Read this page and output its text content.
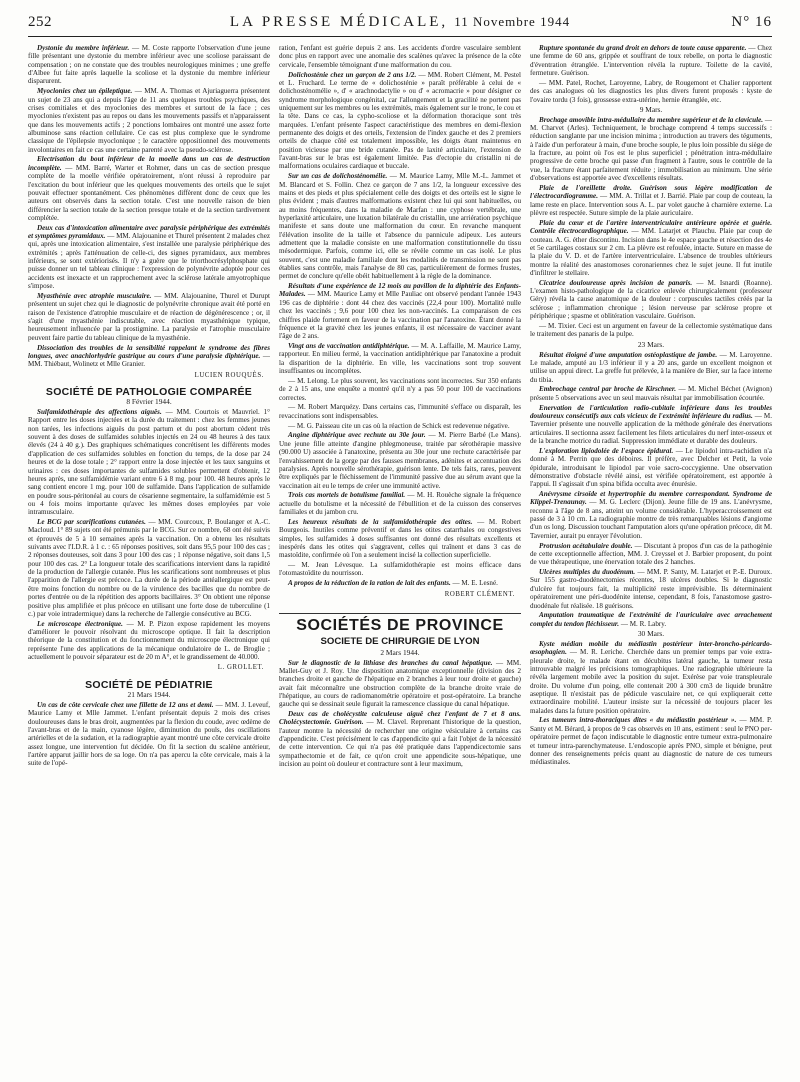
252	LA PRESSE MÉDICALE, 11 Novembre 1944	N° 16

Dystonie du membre inférieur. — M. Coste rapporte l'observation d'une jeune fille présentant une dystonie du membre inférieur avec une scoliose paraissant de compensation ; on ne constate que des troubles neurologiques minimes ; une greffe d'Albee fut faite après laquelle la scoliose et la dystonie du membre inférieur disparurent.

Myoclonies chez un épileptique. — MM. A. Thomas et Ajuriaguerra présentent un sujet de 23 ans qui a depuis l'âge de 11 ans quelques troubles psychiques, des crises comitiales et des myoclonies des membres et surtout de la face ; ces myoclonies n'existent pas au repos ou dans les mouvements passifs et n'apparaissent que dans les mouvements actifs ; 2 ponctions lombaires ont montré une assez forte albuminose sans réaction cellulaire. Ce cas est plus complexe que le syndrome classique de l'épilepsie myoclonique ; le caractère oppositionnel des mouvements involontaires en fait ce cas une certaine parenté avec la pseudo-sclérose.

Electrisation du bout inférieur de la moelle dans un cas de destruction incomplète. — MM. Barré, Warter et Rohmer, dans un cas de section presque complète de la moelle vérifiée opératoirement, n'ont réussi à reproduire par l'excitation du bout inférieur que les quelques mouvements des orteils que le sujet pouvait effectuer spontanément. Ces phénomènes diffèrent donc de ceux que les auteurs ont observés dans la section totale. C'est une nouvelle raison de bien différencier la section totale de la section presque totale et de la section tardivement complétée.

Deux cas d'intoxication alimentaire avec paralysie périphérique des extrémités et symptômes pyramidaux. — MM. Alajouanine et Thurel présentent 2 malades chez qui, après une intoxication alimentaire, s'est installée une paralysie périphérique des extrémités ; après l'atténuation de celle-ci, des signes pyramidaux, aux membres inférieurs, se sont extériorisés. Il n'y a guère que le triorthocrésylphosphate qui puisse donner un tel tableau clinique : l'expression de polynévrite adoptée pour ces accidents est inexacte et un rapprochement avec la sclérose latérale amyotrophique s'impose.

Myasthénie avec atrophie musculaire. — MM. Alajouanine, Thurel et Durupt présentent un sujet chez qui le diagnostic de polynévrite chronique avait été porté en raison de l'existence d'atrophie musculaire et de réaction de dégénérescence ; or, il s'agit d'une myasthénie indiscutable, avec réaction myasthénique typique, heureusement influencée par la prostigmine. La paralysie et l'atrophie musculaire peuvent faire partie du tableau clinique de la myasthénie.

Dissociation des troubles de la sensibilité rappelant le syndrome des fibres longues, avec anachlorhydrie gastrique au cours d'une paralysie diphtérique. — MM. Thiébaut, Wolinetz et Mlle Granier.

LUCIEN ROUQUÈS.

SOCIÉTÉ DE PATHOLOGIE COMPARÉE

8 Février 1944.

Sulfamidothérapie des affections aiguës. — MM. Courtois et Mauvriel. 1° Rapport entre les doses injectées et la durée du traitement : chez les femmes jeunes non tarées, les infections aiguës du post partum et du post abortum cèdent très souvent à des doses de sulfamides solubles injectés en 24 ou 48 heures à des taux élevés (24 à 40 g.). Des graphiques schématiques concrétisent les différents modes d'application de ces sulfamides solubles en fonction du temps, de la dose par 24 heures et de la dose totale ; 2° rapport entre la dose injectée et les taux sanguins et urinaires : ces doses importantes de sulfamides solubles permettent d'obtenir, 12 heures après, une sulfamidémie variant entre 6 à 8 mg. pour 100. 48 heures après le sang contient encore 1 mg. pour 100 de sulfamide. Dans l'application de sulfamide en poudre sous-péritonéal au cours de césarienne segmentaire, la sulfamidémie est 5 ou 4 fois moins importante qu'avec les mêmes doses employées par voie intramusculaire.

Le BCG par scarifications cutanées. — MM. Courcoux, P. Boulanger et A.-C. Macloud. 1° 89 sujets ont été prémunis par le BCG. Sur ce nombre, 68 ont été suivis et éprouvés de 5 à 10 semaines après la vaccination. On a obtenu les résultats suivants avec l'I.D.R. à 1 c. : 65 réponses positives, soit dans 95,5 pour 100 des cas ; 2 réponses douteuses, soit dans 3 pour 100 des cas ; 1 réponse négative, soit dans 1,5 pour 100 des cas. 2° La longueur totale des scarifications intervient dans la rapidité de la production de l'allergie cutanée. Plus les scarifications sont nombreuses et plus l'apparition de l'allergie est précoce. La durée de la période antéallergique est peut-être moins fonction du nombre ou de la virulence des bacilles que du nombre de portes d'entrée ou de la répétition des apports bacillaires. 3° On obtient une réponse positive plus amplifiée et plus précoce en utilisant une forte dose de tuberculine (1 c.) par voie intradermique) dans la recherche de l'allergie consécutive au BCG.

Le microscope électronique. — M. P. Pizon expose rapidement les moyens d'améliorer le pouvoir résolvant du microscope optique. Il fait la description théorique de la constitution et du fonctionnement du microscope électronique qui représente l'une des applications de la mécanique ondulatoire de L. de Broglie ; actuellement le pouvoir séparateur est de 20 m A°, et le grandissement de 40.000.

L. GROLLET.

SOCIÉTÉ DE PÉDIATRIE

21 Mars 1944.

Un cas de côte cervicale chez une fillette de 12 ans et demi. — MM. J. Leveuf, Maurice Lamy et Mlle Jammet. L'enfant présentait depuis 2 mois des crises douloureuses dans le bras droit, augmentées par la flexion du coude, avec œdème de l'avant-bras et de la main, cyanose légère, diminution du pouls, des oscillations artérielles et de la sudation, et la radiographie ayant montré une côte cervicale droite assez longue, une intervention fut décidée. On fit la section du scalène antérieur, l'artère apparut jaillir hors de sa loge. On n'a pas apercu la côte cervicale, mais à la suite de l'opé-

ration, l'enfant est guérie depuis 2 ans. Les accidents d'ordre vasculaire semblent donc plus en rapport avec une anomalie des scalènes qu'avec la présence de la côte cervicale, l'ensemble témoignant d'une malformation du cou.

Dolichosténie chez un garçon de 2 ans 1/2. — MM. Robert Clément, M. Pestel et L. Fruchard. Le terme de « dolichosténie » paraît préférable à celui de « dolichosténomélie », d' « arachnodactylie » ou d' « acromacrie » pour désigner ce syndrome morphologique congénital, car l'allongement et la gracilité ne portent pas uniquement sur les membres ou les extrémités, mais également sur le tronc, le cou et la tête. Dans ce cas, la cypho-scoliose et la déformation thoracique sont très marquées. L'enfant présente l'aspect caractéristique des membres en demi-flexion permanente des doigts et des orteils, l'extension de l'index gauche et des 2 premiers orteils de chaque côté est totalement impossible, les doigts étant maintenus en position vicieuse par une bride cutanée. Pas de laxité articulaire, l'extension de l'avant-bras sur le bras est également limitée. Pas d'ectopie du cristallin ni de malformations oculaires cardiaque et buccale.

Sur un cas de dolichosténomélie. — M. Maurice Lamy, Mlle M.-L. Jammet et M. Blancard et S. Follin. Chez ce garçon de 7 ans 1/2, la longueur excessive des mains et des pieds et plus spécialement celle des doigts et des orteils est le signe le plus évident ; mais d'autres malformations existent chez lui qui sont habituelles, ou au moins fréquentes, dans la maladie de Marfan : une cyphose vertébrale, une hyperlaxité articulaire, une luxation bilatérale du cristallin, une arriération psychique manifeste et sans doute une malformation du cœur. En revanche manquent l'élévation insolite de la taille et l'absence du pannicule adipeux. Les auteurs admettent que la maladie consiste en une malformation constitutionnelle du tissu mésodermique. Parfois, comme ici, elle se révèle comme un cas isolé. Le plus souvent, c'est une maladie familiale dont les modalités de transmission ne sont pas établies sans contrôle, mais l'analyse de 80 cas, particulièrement de formes frustes, permet de conclure qu'elle obéit habituellement à la règle de la dominance.

Résultats d'une expérience de 12 mois au pavillon de la diphtérie des Enfants-Malades. — MM. Maurice Lamy et Mlle Pauliac ont observé pendant l'année 1943 196 cas de diphtérie : dont 44 chez des vaccinés (22,4 pour 100). Mortalité nulle chez les vaccinés ; 9,6 pour 100 chez les non-vaccinés. La comparaison de ces chiffres plaide fortement en faveur de la vaccination par l'anatoxine. Étant donné la fréquence et la gravité chez les jeunes enfants, il est nécessaire de vacciner avant l'âge de 2 ans.

Vingt ans de vaccination antidiphtérique. — M. A. Laffaille, M. Maurice Lamy, rapporteur. En milieu fermé, la vaccination antidiphtérique par l'anatoxine a produit la disparition de la diphtérie. En ville, les vaccinations sont trop souvent insuffisantes ou incomplètes.

— M. Lelong. Le plus souvent, les vaccinations sont incorrectes. Sur 350 enfants de 2 à 15 ans, une enquête a montré qu'il n'y a pas 50 pour 100 de vaccinations correctes.

— M. Robert Marquézy. Dans certains cas, l'immunité s'efface ou disparaît, les revaccinations sont indispensables.

— M. G. Paisseau cite un cas où la réaction de Schick est redevenue négative.

Angine diphtérique avec rechute au 30e jour. — M. Pierre Barbé (Le Mans). Une jeune fille atteinte d'angine phlegmoneuse, traitée par sérothérapie massive (90.000 U) associée à l'anatoxine, présenta au 30e jour une rechute caractérisée par l'envahissement de la gorge par des fausses membranes, adénites et accentuation des paralysies. Après nouvelle sérothérapie, guérison lente. De tels faits, rares, peuvent être expliqués par le fléchissement de l'immunité passive due au sérum avant que la vaccination ait eu le temps de créer une immunité active.

Trois cas mortels de botulisme familial. — M. H. Rouèche signale la fréquence actuelle du botulisme et la nécessité de l'ébullition et de la cuisson des conserves familiales et du jambon cru.

Les heureux résultats de la sulfamidothérapie des otites. — M. Robert Bourgeois. Inutiles comme préventif et dans les otites catarrhales ou congestives simples, les sulfamides à doses suffisantes ont donné des résultats excellents et inespérés dans les otites qui s'aggravent, celles qui traînent et dans 3 cas de mastoïdite, confirmée où l'on a seulement incisé la collection superficielle.

— M. Jean Lévesque. La sulfamidothérapie est moins efficace dans l'otomastoïdite du nourrisson.

A propos de la réduction de la ration de lait des enfants. — M. E. Lesné.

ROBERT CLÉMENT.

SOCIÉTÉS DE PROVINCE
SOCIETE DE CHIRURGIE DE LYON

2 Mars 1944.

Sur le diagnostic de la lithiase des branches du canal hépatique. — MM. Mallet-Guy et J. Roy. Une disposition anatomique exceptionnelle (division des 2 branches droite et gauche de l'hépatique en 2 branches à leur tour droite et gauche) avait fait méconnaître une obstruction complète de la branche droite vraie de l'hépatique, au cours de radiomanométrie opératoire et post-opératoire. La branche gauche qui se dessinait seule figurait la ramescence classique du canal hépatique.

Deux cas de cholécystite calculeuse aiguë chez l'enfant de 7 et 8 ans. Cholécystectomie. Guérison. — M. Clavel. Reprenant l'historique de la question, l'auteur montre la nécessité de rechercher une origine vésiculaire à certains cas d'appendicite. C'est précisément le cas d'appendicite qui a fait l'objet de la nécessité de cette intervention. Ce qui n'a pas été pratiquée dans l'appendicectomie sans sympathectomie et de fait, ce qu'on croit une appendicite sous-hépatique, une incision au point où douleur et contracture sont à leur maximum,

Rupture spontanée du grand droit en dehors de toute cause apparente. — Chez une femme de 60 ans, grippée et souffrant de toux rebelle, on porta le diagnostic d'éventration étranglée. L'intervention révéla la rupture. Toilette de la cavité, fermeture. Guérison.

— MM. Patel, Rochet, Laroyenne, Labry, de Rougemont et Chalier rapportent des cas analogues où les diagnostics les plus divers furent proposés : kyste de l'ovaire tordu (3 fois), grossesse extra-utérine, hernie étranglée, etc.

9 Mars.

Brochage amovible intra-médullaire du membre supérieur et de la clavicule. — M. Charvet (Arles). Techniquement, le brochage comprend 4 temps successifs : réduction sanglante par une incision minima ; introduction au travers des téguments, à l'aide d'un perforateur à main, d'une broche souple, le plus loin possible du siège de la fracture, au point où l'os est le plus superficiel ; pénétration intra-médullaire progressive de cette broche qui passe d'un fragment à l'autre, sous le contrôle de la vue, la fracture étant parfaitement réduite ; immobilisation au minimum. Une série d'observations est apportée avec d'excellents résultats.

Plaie de l'oreillette droite. Guérison sous légère modification de l'électrocardiogramme. — MM. A. Trillat et J. Barrié. Plaie par coup de couteau, la lame reste en place. Intervention sous A. L. par volet gauche à charnière externe. La plèvre est respectée. Suture simple de la plaie auriculaire.

Plaie du cœur et de l'artère interventriculaire antérieure opérée et guérie. Contrôle électrocardiographique. — MM. Latarjet et Plauchu. Plaie par coup de couteau. A. G. éther discontinu. Incision dans le 4e espace gauche et résection des 4e et 5e cartilages costaux sur 2 cm. La plèvre est refoulée, intacte. Suture en masse de la plaie du V. D. et de l'artère interventriculaire. L'absence de troubles ultérieurs montre la réalité des anastomoses coronariennes chez le sujet jeune. Il fut inutile d'infiltrer le stellaire.

Cicatrice douloureuse après incision de panaris. — M. Isnardi (Roanne). L'examen histo-pathologique de la cicatrice enlevée chirurgicalement (professeur Géry) révéla la cause anatomique de la douleur : corpuscules tactiles créés par la sclérose ; inflammation chronique ; lésion nerveuse par sclérose propre et périphérique ; spasme et oblitération vasculaire. Guérison.

— M. Tixier. Ceci est un argument en faveur de la cellectomie systématique dans le traitement des panaris de la pulpe.

23 Mars.

Résultat éloigné d'une amputation ostéoplastique de jambe. — M. Laroyenne. Le malade, amputé au 1/3 inférieur il y a 20 ans, garde un excellent moignon et utilise un appui direct. La greffe fut prélevée, à la manière de Bier, sur la face interne du tibia.

Embrochage central par broche de Kirschner. — M. Michel Béchet (Avignon) présente 5 observations avec un seul mauvais résultat par immobilisation écourtée.

Enervation de l'articulation radio-cubitale inférieure dans les troubles douloureux consécutifs aux cals vicieux de l'extrémité inférieure du radius. — M. Tavernier présente une nouvelle application de la méthode générale des énervations articulaires. Il sectionna assez facilement les filets articulaires du nerf inter-osseux et de la branche motrice du radial. Suppression immédiate et durable des douleurs.

L'exploration lipiodolée de l'espace épidural. — Le lipiodol intra-rachidien n'a donné à M. Perrin que des déboires. Il préfère, avec Delcher et Petit, la voie épidurale, introduisant le lipiodol par voie sacro-coccygienne. Une observation démonstrative d'obstacle révélé ainsi, est vérifiée opératoirement, est apportée à l'appui. Il s'agissait d'un spina bifida occulta avec énurésie.

Anévrysme cirsoïde et hypertrophie du membre correspondant. Syndrome de Klippel-Trenaunay. — M. G. Leclerc (Dijon). Jeune fille de 19 ans. L'anévrysme, reconnu à l'âge de 8 ans, atteint un volume considérable. L'hyperaccroissement est passé de 3 à 10 cm. La radiographie montre de très remarquables lésions d'angiome d'un os long. Discussion touchant l'amputation alors qu'une opération précoce, dit M. Tavernier, aurait pu enrayer l'évolution.

Protrusion acétabulaire double. — Discutant à propos d'un cas de la pathogénie de cette exceptionnelle affection, MM. J. Creyssel et J. Barbier proposent, du point de vue thérapeutique, une énervation totale des 2 hanches.

Ulcères multiples du duodénum. — MM. P. Santy, M. Latarjet et P.-E. Duroux. Sur 155 gastro-duodénectomies récentes, 18 ulcères doubles. Si le diagnostic d'ulcère fut toujours fait, la multiplicité reste imprévisible. Ils déterminaient opératoirement une péri-duodénite intense, cependant, 8 fois, l'anastomose gastro-duodénale fut réalisée. 18 guérisons.

Amputation traumatique de l'extrémité de l'auriculaire avec arrachement complet du tendon fléchisseur. — M. R. Labry.

30 Mars.

Kyste médian mobile du médiastin postérieur inter-broncho-péricardo-œsophagien. — M. R. Leriche. Cherchée dans un premier temps par voie extra-pleurale droite, le malade étant en décubitus latéral gauche, la tumeur resta introuvable malgré les précisions tomographiques. Une radiographie ultérieure la révéla largement mobile avec la position du sujet. Exérèse par voie transpleurale droite. Du volume d'un poing, elle contenait 200 à 300 cm3 de liquide brunâtre aseptique. Il n'existait pas de pédicule vasculaire net, ce qui expliquerait cette extraordinaire mobilité. L'auteur insiste sur la nécessité de toujours placer les malades dans la future position opératoire.

Les tumeurs intra-thoraciques dites « du médiastin postérieur ». — MM. P. Santy et M. Bérard, à propos de 9 cas observés en 10 ans, estiment : seul le PNO per-opératoire permet de façon indiscutable le diagnostic entre tumeur extra-pulmonaire et tumeur intra-parenchymateuse. L'endoscopie après PNO, simple et bénigne, peut donner des renseignements précis quant au diagnostic de nature de ces tumeurs médiastinales.
